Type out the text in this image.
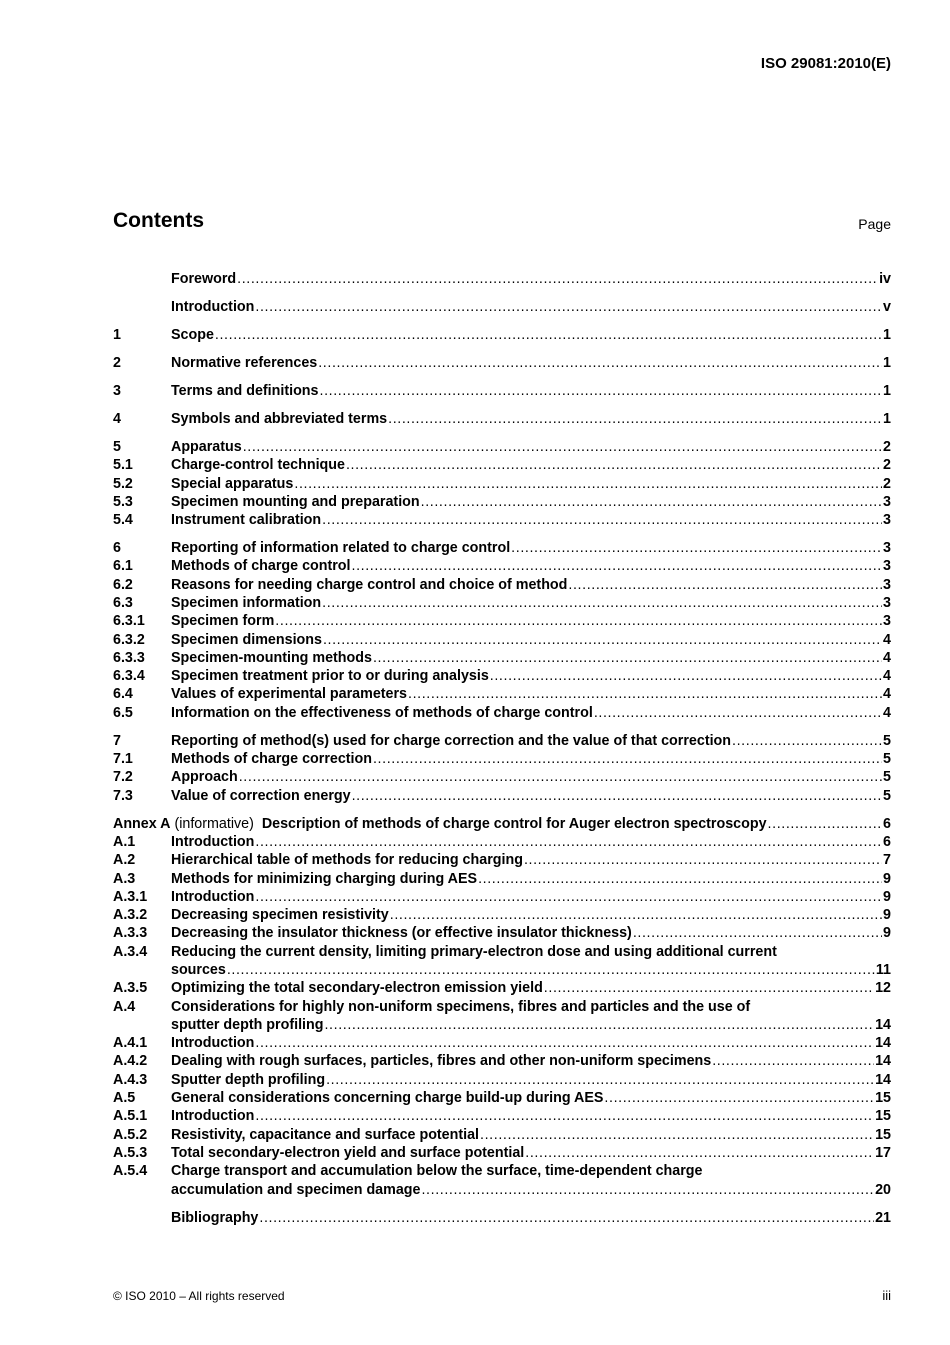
ISO 29081:2010(E)
Contents	Page
Foreword .....	iv
Introduction .....	v
1	Scope .....	1
2	Normative references .....	1
3	Terms and definitions .....	1
4	Symbols and abbreviated terms .....	1
5	Apparatus .....	2
5.1	Charge-control technique .....	2
5.2	Special apparatus .....	2
5.3	Specimen mounting and preparation .....	3
5.4	Instrument calibration .....	3
6	Reporting of information related to charge control .....	3
6.1	Methods of charge control .....	3
6.2	Reasons for needing charge control and choice of method .....	3
6.3	Specimen information .....	3
6.3.1	Specimen form .....	3
6.3.2	Specimen dimensions .....	4
6.3.3	Specimen-mounting methods .....	4
6.3.4	Specimen treatment prior to or during analysis .....	4
6.4	Values of experimental parameters .....	4
6.5	Information on the effectiveness of methods of charge control .....	4
7	Reporting of method(s) used for charge correction and the value of that correction .....	5
7.1	Methods of charge correction .....	5
7.2	Approach .....	5
7.3	Value of correction energy .....	5
Annex A (informative)  Description of methods of charge control for Auger electron spectroscopy .....	6
A.1	Introduction .....	6
A.2	Hierarchical table of methods for reducing charging .....	7
A.3	Methods for minimizing charging during AES .....	9
A.3.1	Introduction .....	9
A.3.2	Decreasing specimen resistivity .....	9
A.3.3	Decreasing the insulator thickness (or effective insulator thickness) .....	9
A.3.4	Reducing the current density, limiting primary-electron dose and using additional current
sources .....	11
A.3.5	Optimizing the total secondary-electron emission yield .....	12
A.4	Considerations for highly non-uniform specimens, fibres and particles and the use of
sputter depth profiling .....	14
A.4.1	Introduction .....	14
A.4.2	Dealing with rough surfaces, particles, fibres and other non-uniform specimens .....	14
A.4.3	Sputter depth profiling .....	14
A.5	General considerations concerning charge build-up during AES .....	15
A.5.1	Introduction .....	15
A.5.2	Resistivity, capacitance and surface potential .....	15
A.5.3	Total secondary-electron yield and surface potential .....	17
A.5.4	Charge transport and accumulation below the surface, time-dependent charge
accumulation and specimen damage .....	20
Bibliography .....	21
© ISO 2010 – All rights reserved	iii
